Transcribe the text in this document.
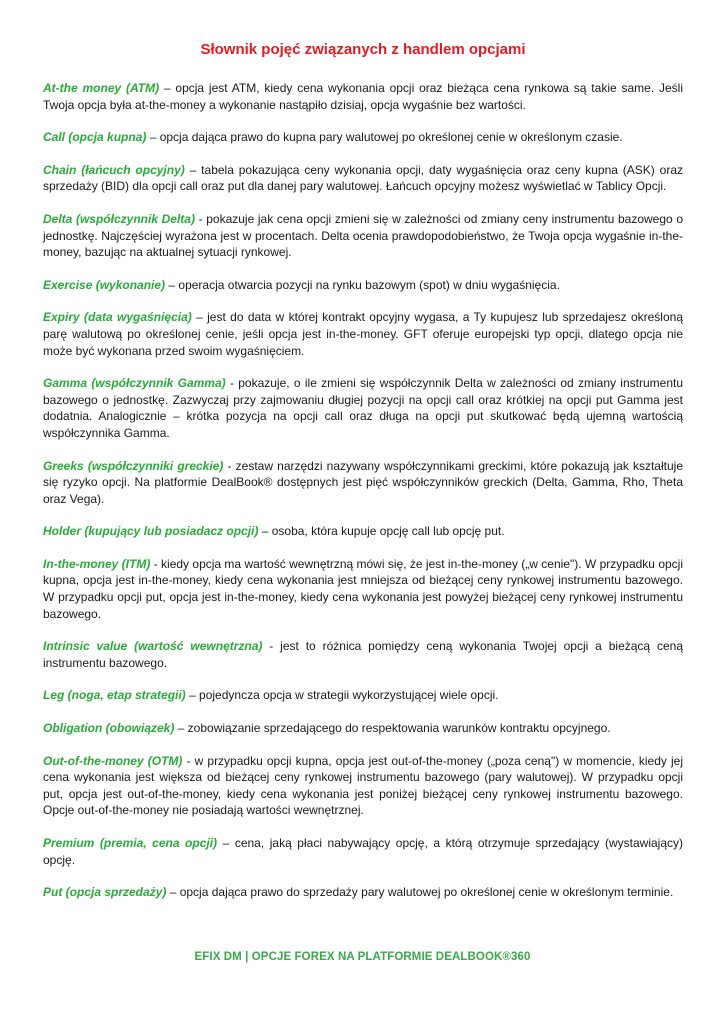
Słownik pojęć związanych z handlem opcjami

At-the money (ATM) – opcja jest ATM, kiedy cena wykonania opcji oraz bieżąca cena rynkowa są takie same. Jeśli Twoja opcja była at-the-money a wykonanie nastąpiło dzisiaj, opcja wygaśnie bez wartości.

Call (opcja kupna) – opcja dająca prawo do kupna pary walutowej po określonej cenie w określonym czasie.

Chain (łańcuch opcyjny) – tabela pokazująca ceny wykonania opcji, daty wygaśnięcia oraz ceny kupna (ASK) oraz sprzedaży (BID) dla opcji call oraz put dla danej pary walutowej. Łańcuch opcyjny możesz wyświetlać w Tablicy Opcji.

Delta (współczynnik Delta) - pokazuje jak cena opcji zmieni się w zależności od zmiany ceny instrumentu bazowego o jednostkę. Najczęściej wyrażona jest w procentach. Delta ocenia prawdopodobieństwo, że Twoja opcja wygaśnie in-the-money, bazując na aktualnej sytuacji rynkowej.

Exercise (wykonanie) – operacja otwarcia pozycji na rynku bazowym (spot) w dniu wygaśnięcia.

Expiry (data wygaśnięcia) – jest do data w której kontrakt opcyjny wygasa, a Ty kupujesz lub sprzedajesz określoną parę walutową po określonej cenie, jeśli opcja jest in-the-money. GFT oferuje europejski typ opcji, dlatego opcja nie może być wykonana przed swoim wygaśnięciem.

Gamma (współczynnik Gamma) - pokazuje, o ile zmieni się współczynnik Delta w zależności od zmiany instrumentu bazowego o jednostkę. Zazwyczaj przy zajmowaniu długiej pozycji na opcji call oraz krótkiej na opcji put Gamma jest dodatnia. Analogicznie – krótka pozycja na opcji call oraz długa na opcji put skutkować będą ujemną wartością współczynnika Gamma.

Greeks (współczynniki greckie) - zestaw narzędzi nazywany współczynnikami greckimi, które pokazują jak kształtuje się ryzyko opcji. Na platformie DealBook® dostępnych jest pięć współczynników greckich (Delta, Gamma, Rho, Theta oraz Vega).

Holder (kupujący lub posiadacz opcji) – osoba, która kupuje opcję call lub opcję put.

In-the-money (ITM) - kiedy opcja ma wartość wewnętrzną mówi się, że jest in-the-money („w cenie"). W przypadku opcji kupna, opcja jest in-the-money, kiedy cena wykonania jest mniejsza od bieżącej ceny rynkowej instrumentu bazowego. W przypadku opcji put, opcja jest in-the-money, kiedy cena wykonania jest powyżej bieżącej ceny rynkowej instrumentu bazowego.

Intrinsic value (wartość wewnętrzna) - jest to różnica pomiędzy ceną wykonania Twojej opcji a bieżącą ceną instrumentu bazowego.

Leg (noga, etap strategii) – pojedyncza opcja w strategii wykorzystującej wiele opcji.

Obligation (obowiązek) – zobowiązanie sprzedającego do respektowania warunków kontraktu opcyjnego.

Out-of-the-money (OTM) - w przypadku opcji kupna, opcja jest out-of-the-money („poza ceną") w momencie, kiedy jej cena wykonania jest większa od bieżącej ceny rynkowej instrumentu bazowego (pary walutowej). W przypadku opcji put, opcja jest out-of-the-money, kiedy cena wykonania jest poniżej bieżącej ceny rynkowej instrumentu bazowego. Opcje out-of-the-money nie posiadają wartości wewnętrznej.

Premium (premia, cena opcji) – cena, jaką płaci nabywający opcję, a którą otrzymuje sprzedający (wystawiający) opcję.

Put (opcja sprzedaży) – opcja dająca prawo do sprzedaży pary walutowej po określonej cenie w określonym terminie.

EFIX DM | OPCJE FOREX NA PLATFORMIE DEALBOOK®360
